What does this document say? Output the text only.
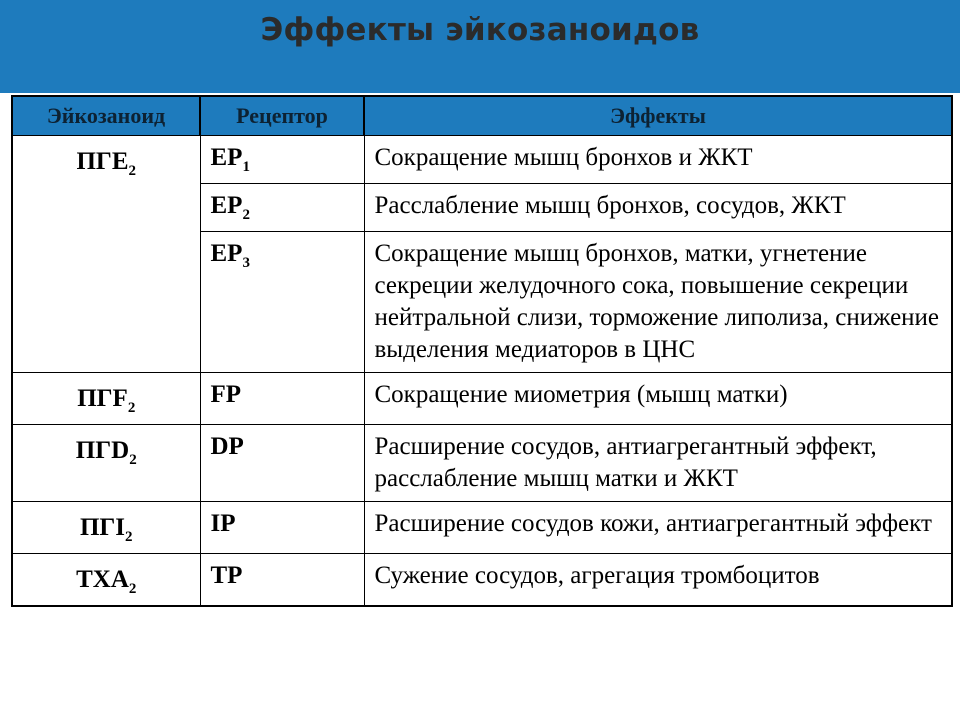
Эффекты эйкозаноидов
Эйкозаноид	Рецептор	Эффекты
$ПГЕ_2$	$ЕР_1$	Сокращение мышц бронхов и ЖКТ
	$ЕР_2$	Расслабление мышц бронхов, сосудов, ЖКТ
	$ЕР_3$	Сокращение мышц бронхов, матки, угнетение секреции желудочного сока, повышение секреции нейтральной слизи, торможение липолиза, снижение выделения медиаторов в ЦНС
$ПГF_2$	FP	Сокращение миометрия (мышц матки)
$ПГD_2$	DP	Расширение сосудов, антиагрегантный эффект, расслабление мышц матки и ЖКТ
$ПГI_2$	IP	Расширение сосудов кожи, антиагрегантный эффект
$ТХА_2$	ТР	Сужение сосудов, агрегация тромбоцитов
